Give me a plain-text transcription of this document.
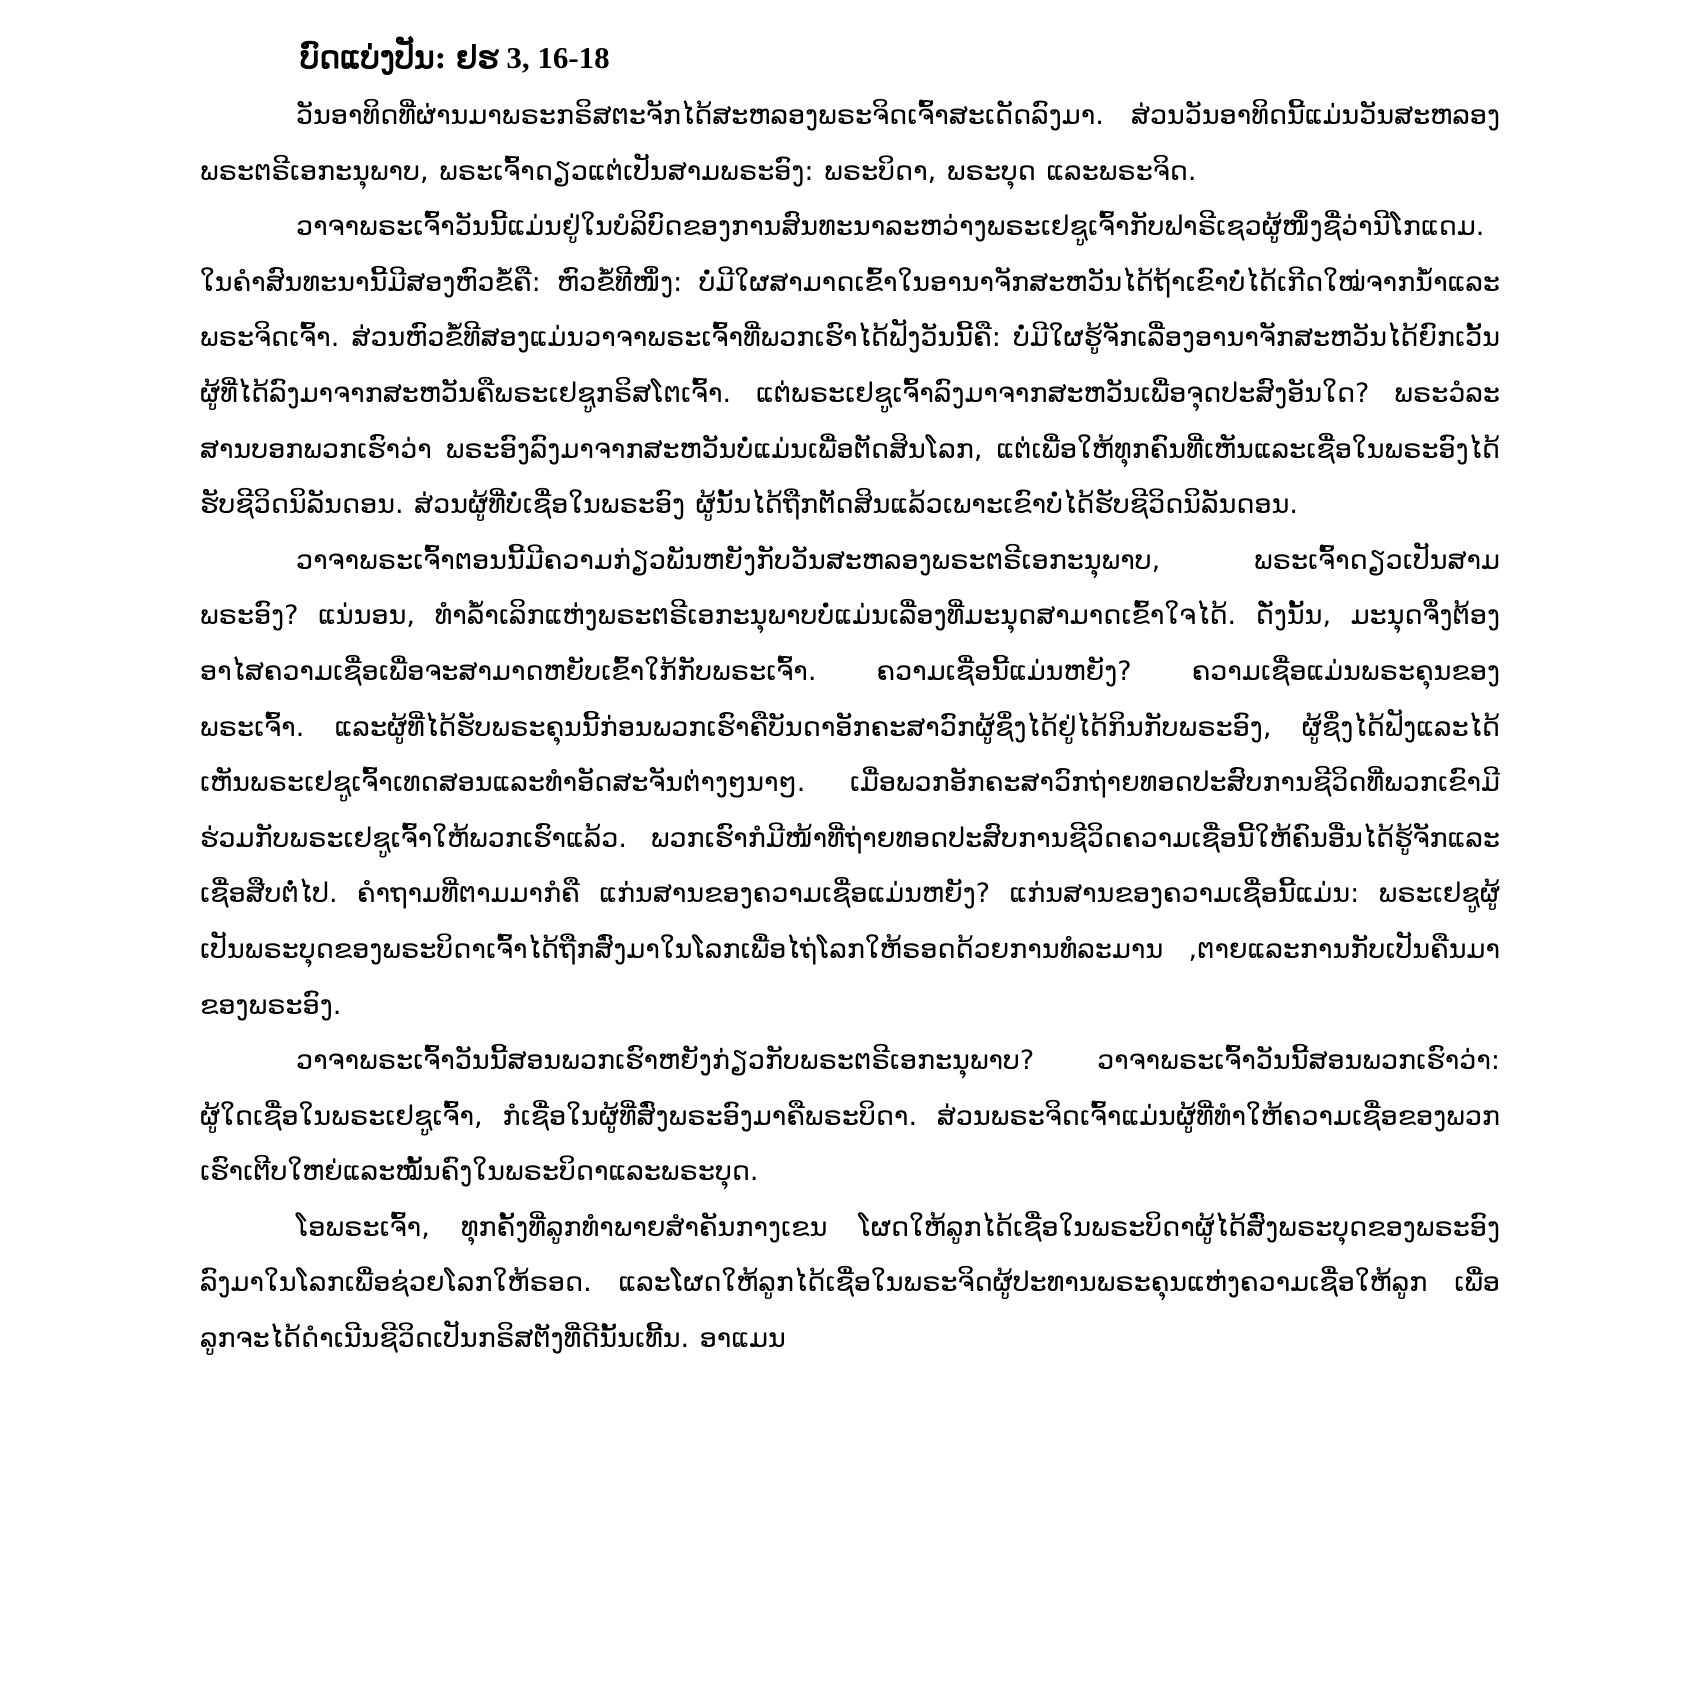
ບົດແບ່ງປັນ: ຢຮ 3, 16-18

ວັນອາທິດທີ່ຜ່ານມາພຣະກຣິສຕະຈັກໄດ້ສະຫລອງພຣະຈິດເຈົ້າສະເດັດລົງມາ. ສ່ວນວັນອາທິດນີ້ແມ່ນວັນສະຫລອງພຣະຕຣີເອກະນຸພາບ, ພຣະເຈົ້າດຽວແຕ່ເປັນສາມພຣະອົງ: ພຣະບິດາ, ພຣະບຸດ ແລະພຣະຈິດ.

ວາຈາພຣະເຈົ້າວັນນີ້ແມ່ນຢູ່ໃນບໍລິບົດຂອງການສົນທະນາລະຫວ່າງພຣະເຢຊູເຈົ້າກັບຟາຣີເຊວຜູ້ໜຶ່ງຊື່ວ່ານີໂກແດມ. ໃນຄຳສົນທະນານີ້ມີສອງຫົວຂໍ້ຄື: ຫົວຂໍ້ທີໜຶ່ງ: ບໍ່ມີໃຜສາມາດເຂົ້າໃນອານາຈັກສະຫວັນໄດ້ຖ້າເຂົາບໍ່ໄດ້ເກີດໃໝ່ຈາກນ້ຳແລະພຣະຈິດເຈົ້າ. ສ່ວນຫົວຂໍ້ທີສອງແມ່ນວາຈາພຣະເຈົ້າທີ່ພວກເຮົາໄດ້ຟັງວັນນີ້ຄື: ບໍ່ມີໃຜຮູ້ຈັກເລື່ອງອານາຈັກສະຫວັນໄດ້ຍົກເວັ້ນຜູ້ທີ່ໄດ້ລົງມາຈາກສະຫວັນຄືພຣະເຢຊູກຣິສໂຕເຈົ້າ. ແຕ່ພຣະເຢຊູເຈົ້າລົງມາຈາກສະຫວັນເພື່ອຈຸດປະສົງອັນໃດ? ພຣະວໍລະສານບອກພວກເຮົາວ່າ ພຣະອົງລົງມາຈາກສະຫວັນບໍ່ແມ່ນເພື່ອຕັດສິນໂລກ, ແຕ່ເພື່ອໃຫ້ທຸກຄົນທີ່ເຫັນແລະເຊື່ອໃນພຣະອົງໄດ້ຮັບຊີວິດນິລັນດອນ. ສ່ວນຜູ້ທີ່ບໍ່ເຊື່ອໃນພຣະອົງ ຜູ້ນັ້ນໄດ້ຖືກຕັດສິນແລ້ວເພາະເຂົາບໍ່ໄດ້ຮັບຊີວິດນິລັນດອນ.

ວາຈາພຣະເຈົ້າຕອນນີ້ມີຄວາມກ່ຽວພັນຫຍັງກັບວັນສະຫລອງພຣະຕຣີເອກະນຸພາບ, ພຣະເຈົ້າດຽວເປັນສາມພຣະອົງ? ແນ່ນອນ, ທຳລ້ຳເລິກແຫ່ງພຣະຕຣີເອກະນຸພາບບໍ່ແມ່ນເລື່ອງທີ່ມະນຸດສາມາດເຂົ້າໃຈໄດ້. ດັ່ງນັ້ນ, ມະນຸດຈຶ່ງຕ້ອງອາໄສຄວາມເຊື່ອເພື່ອຈະສາມາດຫຍັບເຂົ້າໃກ້ກັບພຣະເຈົ້າ. ຄວາມເຊື່ອນີ້ແມ່ນຫຍັງ? ຄວາມເຊື່ອແມ່ນພຣະຄຸນຂອງພຣະເຈົ້າ. ແລະຜູ້ທີ່ໄດ້ຮັບພຣະຄຸນນີ້ກ່ອນພວກເຮົາຄືບັນດາອັກຄະສາວົກຜູ້ຊຶ່ງໄດ້ຢູ່ໄດ້ກິນກັບພຣະອົງ, ຜູ້ຊຶ່ງໄດ້ຟັງແລະໄດ້ເຫັນພຣະເຢຊູເຈົ້າເທດສອນແລະທຳອັດສະຈັນຕ່າງໆນາໆ. ເມື່ອພວກອັກຄະສາວົກຖ່າຍທອດປະສົບການຊີວິດທີ່ພວກເຂົາມີຮ່ວມກັບພຣະເຢຊູເຈົ້າໃຫ້ພວກເຮົາແລ້ວ. ພວກເຮົາກໍມີໜ້າທີ່ຖ່າຍທອດປະສົບການຊີວິດຄວາມເຊື່ອນີ້ໃຫ້ຄົນອື່ນໄດ້ຮູ້ຈັກແລະເຊື່ອສືບຕໍ່ໄປ. ຄຳຖາມທີ່ຕາມມາກໍຄື ແກ່ນສານຂອງຄວາມເຊື່ອແມ່ນຫຍັງ? ແກ່ນສານຂອງຄວາມເຊື່ອນີ້ແມ່ນ: ພຣະເຢຊູຜູ້ເປັນພຣະບຸດຂອງພຣະບິດາເຈົ້າໄດ້ຖືກສົ່ງມາໃນໂລກເພື່ອໄຖ່ໂລກໃຫ້ຣອດດ້ວຍການທໍລະມານ ,ຕາຍແລະການກັບເປັນຄືນມາຂອງພຣະອົງ.

ວາຈາພຣະເຈົ້າວັນນີ້ສອນພວກເຮົາຫຍັງກ່ຽວກັບພຣະຕຣີເອກະນຸພາບ? ວາຈາພຣະເຈົ້າວັນນີ້ສອນພວກເຮົາວ່າ: ຜູ້ໃດເຊື່ອໃນພຣະເຢຊູເຈົ້າ, ກໍເຊື່ອໃນຜູ້ທີ່ສົ່ງພຣະອົງມາຄືພຣະບິດາ. ສ່ວນພຣະຈິດເຈົ້າແມ່ນຜູ້ທີ່ທຳໃຫ້ຄວາມເຊື່ອຂອງພວກເຮົາເຕີບໃຫຍ່ແລະໝັ້ນຄົງໃນພຣະບິດາແລະພຣະບຸດ.

ໂອພຣະເຈົ້າ, ທຸກຄັ້ງທີ່ລູກທຳພາຍສຳຄັນກາງເຂນ ໂຜດໃຫ້ລູກໄດ້ເຊື່ອໃນພຣະບິດາຜູ້ໄດ້ສົ່ງພຣະບຸດຂອງພຣະອົງລົງມາໃນໂລກເພື່ອຊ່ວຍໂລກໃຫ້ຣອດ. ແລະໂຜດໃຫ້ລູກໄດ້ເຊື່ອໃນພຣະຈິດຜູ້ປະທານພຣະຄຸນແຫ່ງຄວາມເຊື່ອໃຫ້ລູກ ເພື່ອລູກຈະໄດ້ດຳເນີນຊີວິດເປັນກຣິສຕັງທີ່ດີນັ້ນເທີ້ນ. ອາແມນ
